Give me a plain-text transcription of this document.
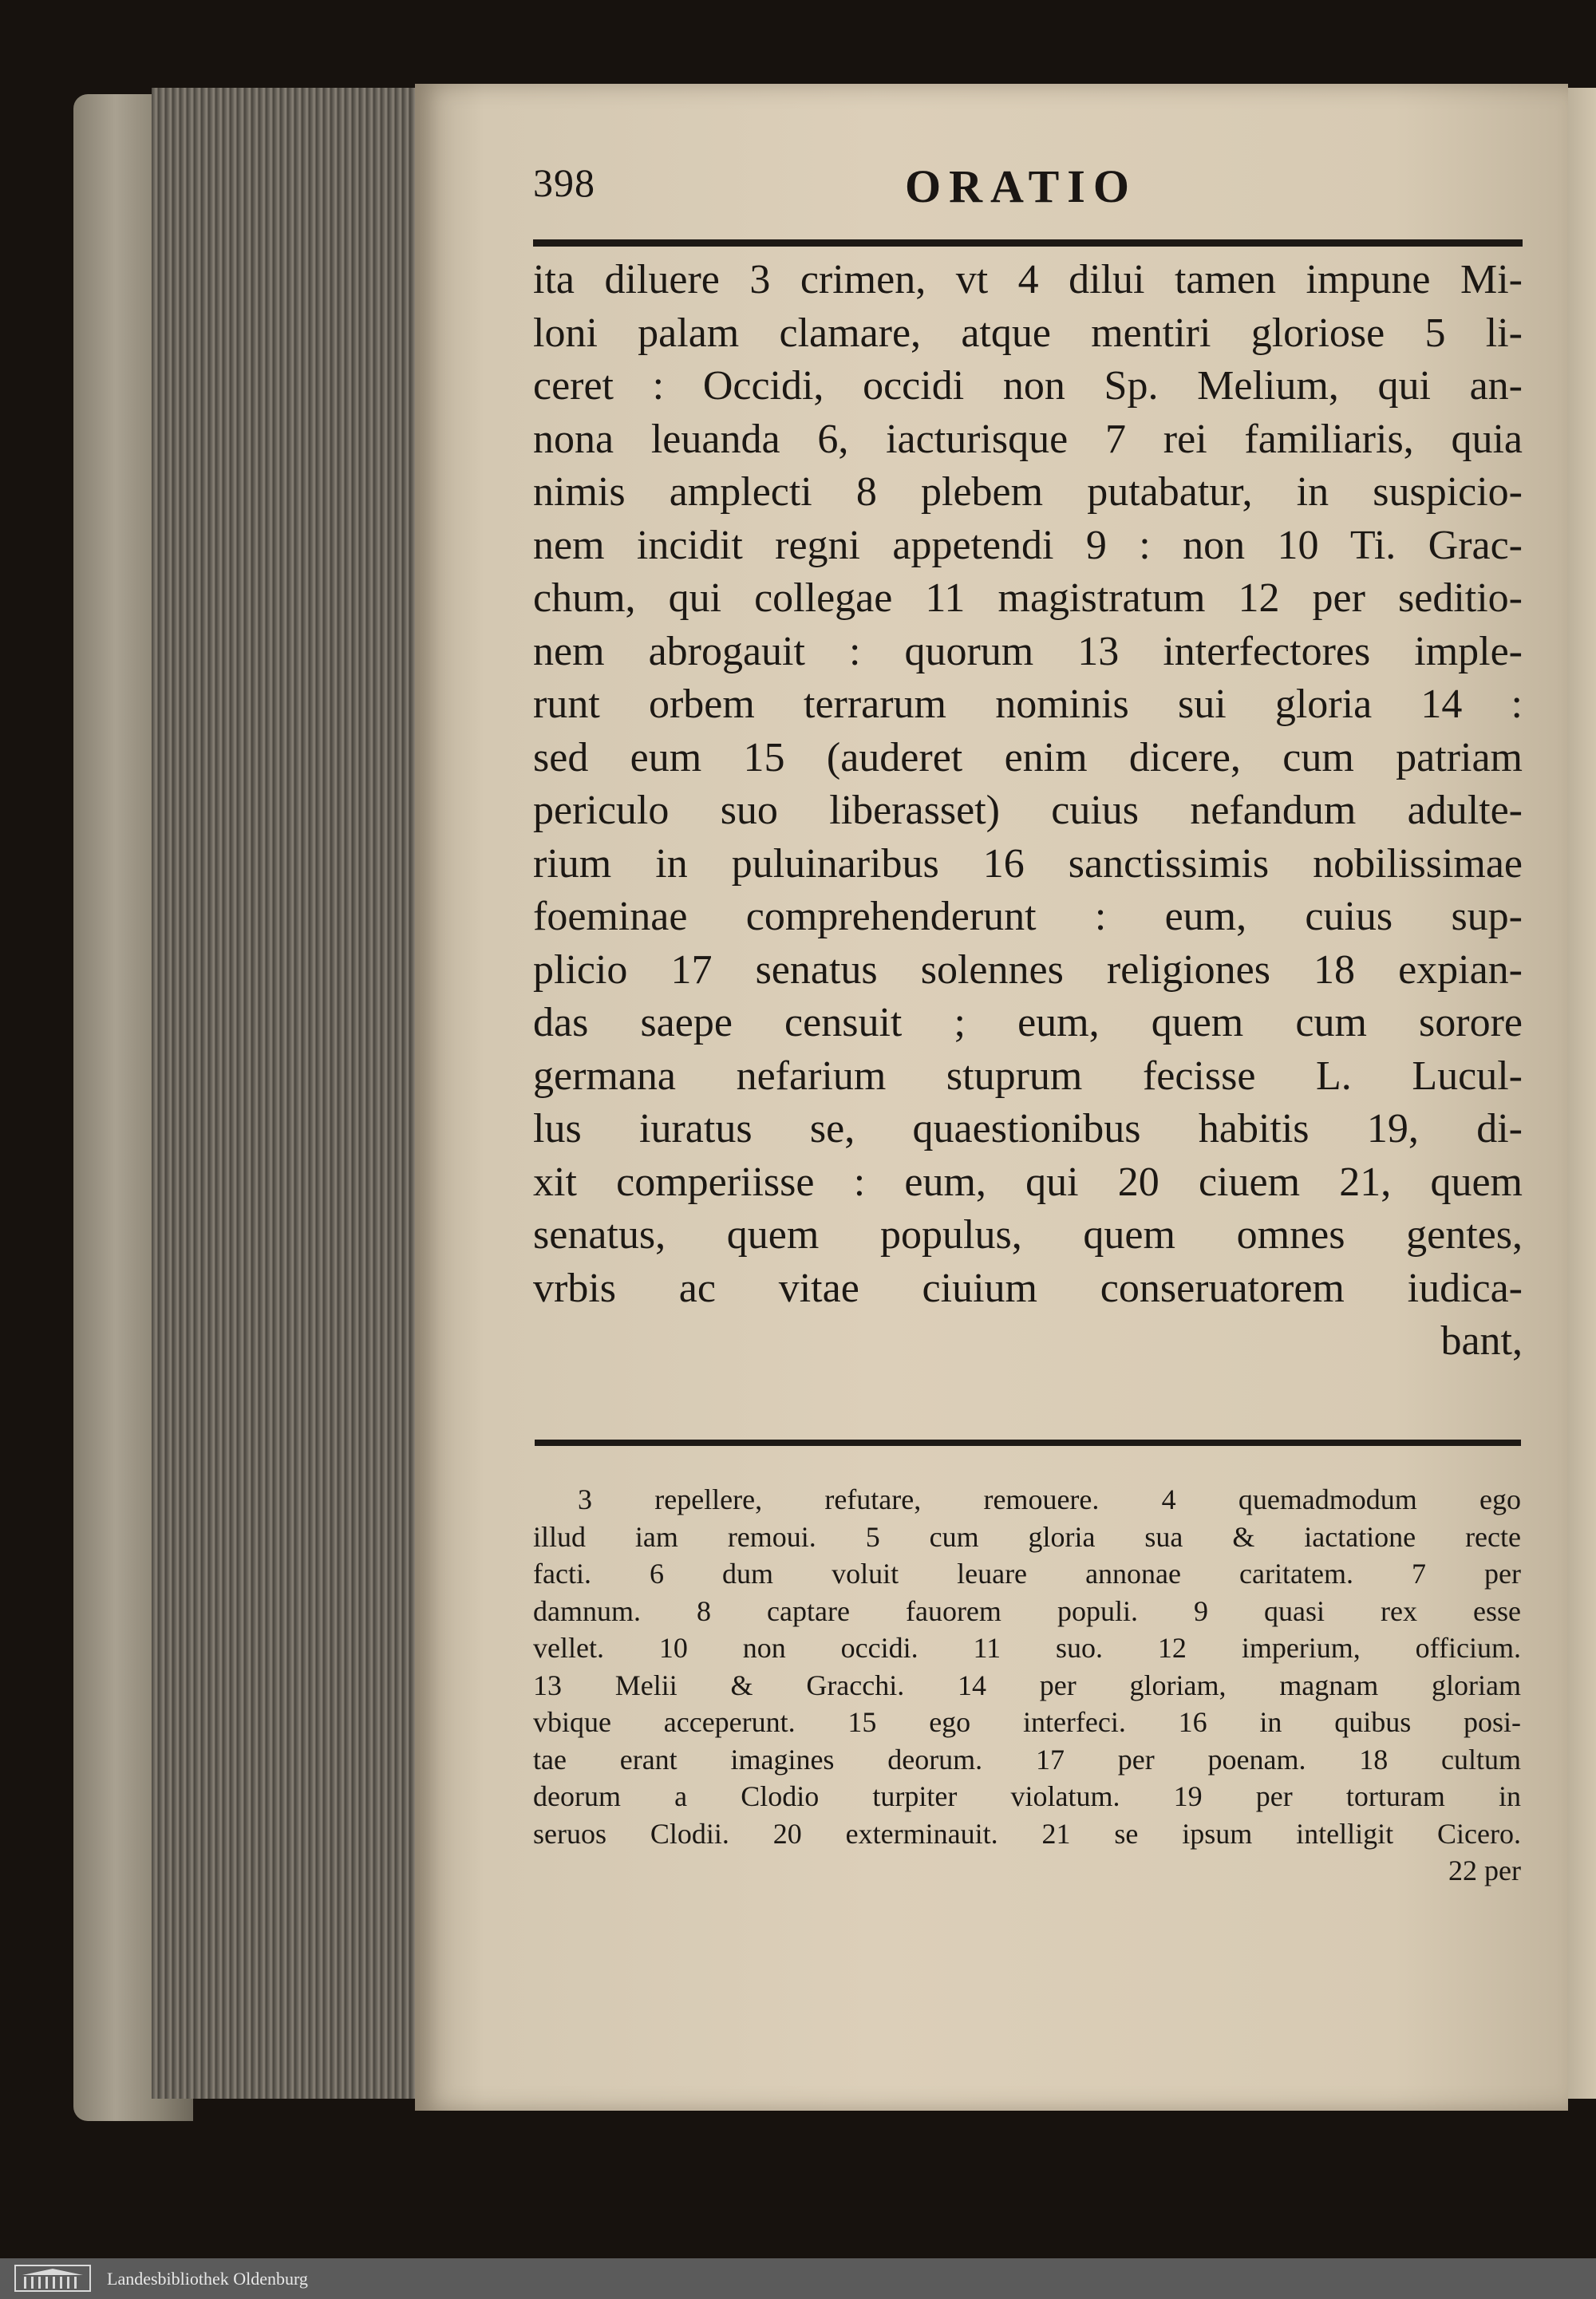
398	ORATIO
ita diluere 3 crimen, vt 4 dilui tamen impune Mi-
loni palam clamare, atque mentiri gloriose 5 li-
ceret : Occidi, occidi non Sp. Melium, qui an-
nona leuanda 6, iacturisque 7 rei familiaris, quia
nimis amplecti 8 plebem putabatur, in suspicio-
nem incidit regni appetendi 9 : non 10 Ti. Grac-
chum, qui collegae 11 magistratum 12 per seditio-
nem abrogauit : quorum 13 interfectores imple-
runt orbem terrarum nominis sui gloria 14 :
sed eum 15 (auderet enim dicere, cum patriam
periculo suo liberasset) cuius nefandum adulte-
rium in puluinaribus 16 sanctissimis nobilissimae
foeminae comprehenderunt : eum, cuius sup-
plicio 17 senatus solennes religiones 18 expian-
das saepe censuit ; eum, quem cum sorore
germana nefarium stuprum fecisse L. Lucul-
lus iuratus se, quaestionibus habitis 19, di-
xit comperiisse : eum, qui 20 ciuem 21, quem
senatus, quem populus, quem omnes gentes,
vrbis ac vitae ciuium conseruatorem iudica-
bant,
3 repellere, refutare, remouere. 4 quemadmodum ego
illud iam remoui. 5 cum gloria sua & iactatione recte
facti. 6 dum voluit leuare annonae caritatem. 7 per
damnum. 8 captare fauorem populi. 9 quasi rex esse
vellet. 10 non occidi. 11 suo. 12 imperium, officium.
13 Melii & Gracchi. 14 per gloriam, magnam gloriam
vbique acceperunt. 15 ego interfeci. 16 in quibus posi-
tae erant imagines deorum. 17 per poenam. 18 cultum
deorum a Clodio turpiter violatum. 19 per torturam in
seruos Clodii. 20 exterminauit. 21 se ipsum intelligit Cicero.
22 per
Landesbibliothek Oldenburg
